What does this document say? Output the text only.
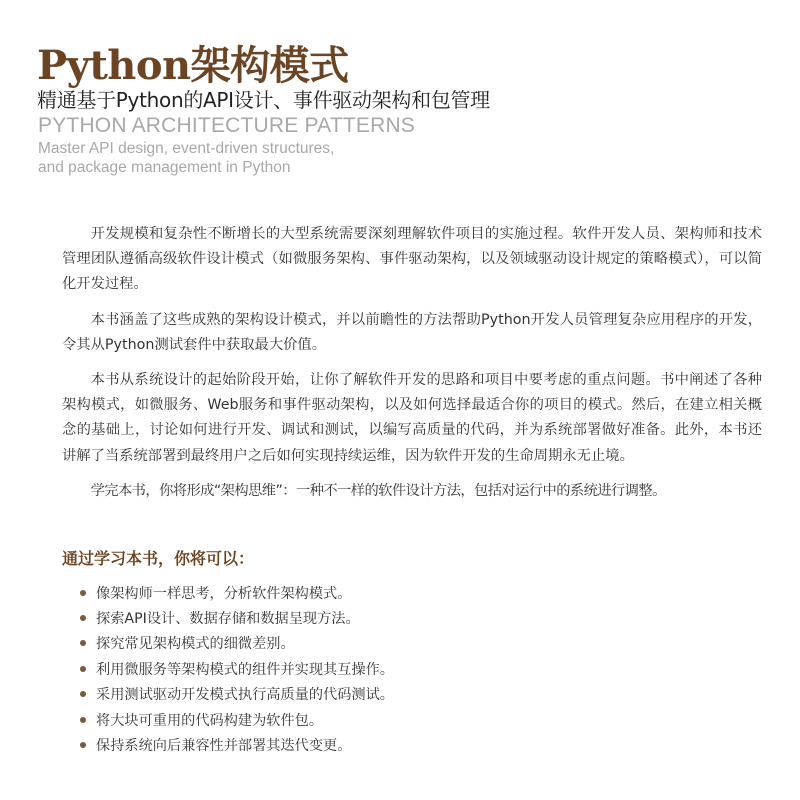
Python架构模式
精通基于Python的API设计、事件驱动架构和包管理
PYTHON ARCHITECTURE PATTERNS
Master API design, event-driven structures,
and package management in Python

开发规模和复杂性不断增长的大型系统需要深刻理解软件项目的实施过程。软件开发人员、架构师和技术管理团队遵循高级软件设计模式（如微服务架构、事件驱动架构，以及领域驱动设计规定的策略模式），可以简化开发过程。

本书涵盖了这些成熟的架构设计模式，并以前瞻性的方法帮助Python开发人员管理复杂应用程序的开发，令其从Python测试套件中获取最大价值。

本书从系统设计的起始阶段开始，让你了解软件开发的思路和项目中要考虑的重点问题。书中阐述了各种架构模式，如微服务、Web服务和事件驱动架构，以及如何选择最适合你的项目的模式。然后，在建立相关概念的基础上，讨论如何进行开发、调试和测试，以编写高质量的代码，并为系统部署做好准备。此外，本书还讲解了当系统部署到最终用户之后如何实现持续运维，因为软件开发的生命周期永无止境。

学完本书，你将形成“架构思维”：一种不一样的软件设计方法，包括对运行中的系统进行调整。

通过学习本书，你将可以：
像架构师一样思考，分析软件架构模式。
探索API设计、数据存储和数据呈现方法。
探究常见架构模式的细微差别。
利用微服务等架构模式的组件并实现其互操作。
采用测试驱动开发模式执行高质量的代码测试。
将大块可重用的代码构建为软件包。
保持系统向后兼容性并部署其迭代变更。
